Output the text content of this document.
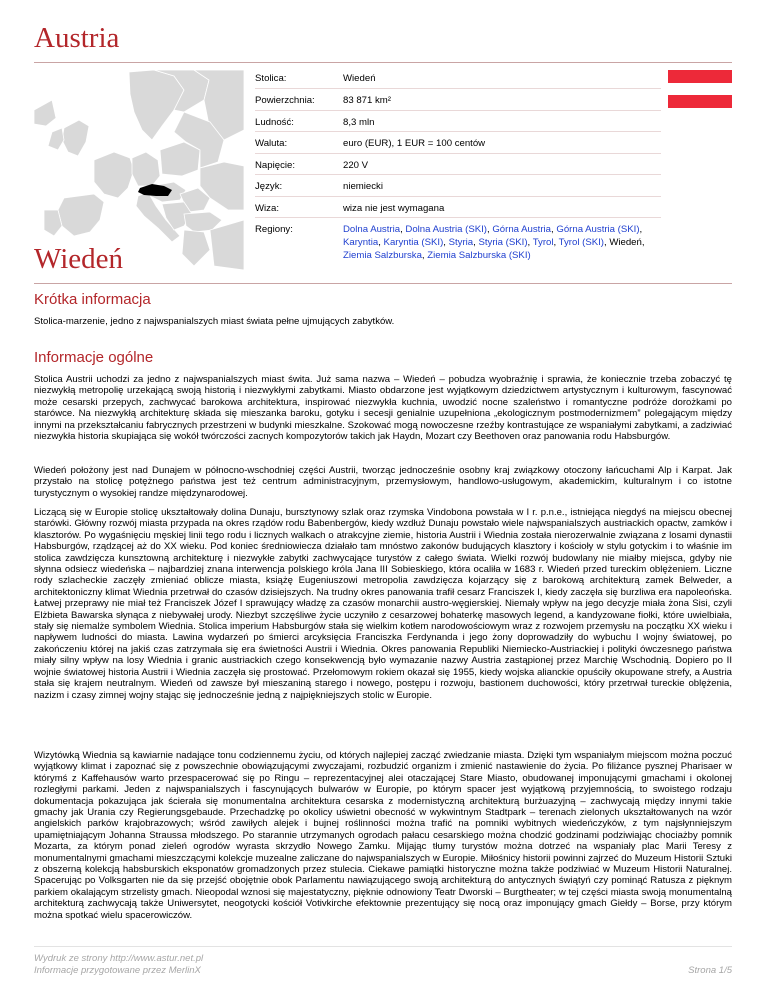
Austria
Stolica:	Wiedeń
Powierzchnia:	83 871 km²
Ludność:	8,3 mln
Waluta:	euro (EUR), 1 EUR = 100 centów
Napięcie:	220 V
Język:	niemiecki
Wiza:	wiza nie jest wymagana
Regiony:	Dolna Austria, Dolna Austria (SKI), Górna Austria, Górna Austria (SKI), Karyntia, Karyntia (SKI), Styria, Styria (SKI), Tyrol, Tyrol (SKI), Wiedeń, Ziemia Salzburska, Ziemia Salzburska (SKI)
Wiedeń
Krótka informacja

Stolica-marzenie, jedno z najwspanialszych miast świata pełne ujmujących zabytków.

Informacje ogólne

Stolica Austrii uchodzi za jedno z najwspanialszych miast świta. Już sama nazwa – Wiedeń – pobudza wyobraźnię i sprawia, że koniecznie trzeba zobaczyć tę niezwykłą metropolię urzekającą swoją historią i niezwykłymi zabytkami. Miasto obdarzone jest wyjątkowym dziedzictwem artystycznym i kulturowym, fascynować może cesarski przepych, zachwycać barokowa architektura, inspirować niezwykła kuchnia, uwodzić nocne szaleństwo i romantyczne podróże dorożkami po starówce. Na niezwykłą architekturę składa się mieszanka baroku, gotyku i secesji genialnie uzupełniona „ekologicznym postmodernizmem” polegającym między innymi na przekształcaniu fabrycznych przestrzeni w budynki mieszkalne. Szokować mogą nowoczesne rzeźby kontrastujące ze wspaniałymi zabytkami, a zadziwiać niezwykła historia skupiająca się wokół twórczości zacnych kompozytorów takich jak Haydn, Mozart czy Beethoven oraz panowania rodu Habsburgów.

Wiedeń położony jest nad Dunajem w północno-wschodniej części Austrii, tworząc jednocześnie osobny kraj związkowy otoczony łańcuchami Alp i Karpat. Jak przystało na stolicę potężnego państwa jest też centrum administracyjnym, przemysłowym, handlowo-usługowym, akademickim, kulturalnym i co istotne turystycznym o wysokiej randze międzynarodowej.

Liczącą się w Europie stolicę ukształtowały dolina Dunaju, bursztynowy szlak oraz rzymska Vindobona powstała w I r. p.n.e., istniejąca niegdyś na miejscu obecnej starówki. Główny rozwój miasta przypada na okres rządów rodu Babenbergów, kiedy wzdłuż Dunaju powstało wiele najwspanialszych austriackich opactw, zamków i klasztorów. Po wygaśnięciu męskiej linii tego rodu i licznych walkach o atrakcyjne ziemie, historia Austrii i Wiednia została nierozerwalnie związana z losami dynastii Habsburgów, rządzącej aż do XX wieku. Pod koniec średniowiecza działało tam mnóstwo zakonów budujących klasztory i kościoły w stylu gotyckim i to właśnie im stolica zawdzięcza kunsztowną architekturę i niezwykłe zabytki zachwycające turystów z całego świata. Wielki rozwój budowlany nie miałby miejsca, gdyby nie słynna odsiecz wiedeńska – najbardziej znana interwencja polskiego króla Jana III Sobieskiego, która ocaliła w 1683 r. Wiedeń przed tureckim oblężeniem. Liczne rody szlacheckie zaczęły zmieniać oblicze miasta, książę Eugeniuszowi metropolia zawdzięcza kojarzący się z barokową architekturą zamek Belweder, a architektoniczny klimat Wiednia przetrwał do czasów dzisiejszych. Na trudny okres panowania trafił cesarz Franciszek I, kiedy zaczęła się burzliwa era napoleońska. Łatwej przeprawy nie miał też Franciszek Józef I sprawujący władzę za czasów monarchii austro-węgierskiej. Niemały wpływ na jego decyzje miała żona Sisi, czyli Elżbieta Bawarska słynąca z niebywałej urody. Niezbyt szczęśliwe życie uczyniło z cesarzowej bohaterkę masowych legend, a kandyzowane fiołki, które uwielbiała, stały się niemalże symbolem Wiednia. Stolica imperium Habsburgów stała się wielkim kotłem narodowościowym wraz z rozwojem przemysłu na początku XX wieku i napływem ludności do miasta. Lawina wydarzeń po śmierci arcyksięcia Franciszka Ferdynanda i jego żony doprowadziły do wybuchu I wojny światowej, po zakończeniu której na jakiś czas zatrzymała się era świetności Austrii i Wiednia. Okres panowania Republiki Niemiecko-Austriackiej i polityki ówczesnego państwa miały silny wpływ na losy Wiednia i granic austriackich czego konsekwencją było wymazanie nazwy Austria zastąpionej przez Marchię Wschodnią. Dopiero po II wojnie światowej historia Austrii i Wiednia zaczęła się prostować. Przełomowym rokiem okazał się 1955, kiedy wojska alianckie opuściły okupowane strefy, a Austria stała się krajem neutralnym. Wiedeń od zawsze był mieszaniną starego i nowego, postępu i rozwoju, bastionem duchowości, który przetrwał tureckie oblężenia, nazizm i czasy zimnej wojny stając się jednocześnie jedną z najpiękniejszych stolic w Europie.

Wizytówką Wiednia są kawiarnie nadające tonu codziennemu życiu, od których najlepiej zacząć zwiedzanie miasta. Dzięki tym wspaniałym miejscom można poczuć wyjątkowy klimat i zapoznać się z powszechnie obowiązującymi zwyczajami, rozbudzić organizm i zmienić nastawienie do życia. Po filiżance pysznej Pharisaer w którymś z Kaffehausów warto przespacerować się po Ringu – reprezentacyjnej alei otaczającej Stare Miasto, obudowanej imponującymi gmachami i okolonej rozległymi parkami. Jeden z najwspanialszych i fascynujących bulwarów w Europie, po którym spacer jest wyjątkową przyjemnością, to swoistego rodzaju dokumentacja pokazująca jak ścierała się monumentalna architektura cesarska z modernistyczną architekturą burżuazyjną – zachwycają między innymi takie gmachy jak Urania czy Regierungsgebaude. Przechadzkę po okolicy uświetni obecność w wykwintnym Stadtpark – terenach zielonych ukształtowanych na wzór angielskich parków krajobrazowych; wśród zawiłych alejek i bujnej roślinności można trafić na pomniki wybitnych wiedeńczyków, z tym najsłynniejszym upamiętniającym Johanna Straussa młodszego. Po starannie utrzymanych ogrodach pałacu cesarskiego można chodzić godzinami podziwiając chociażby pomnik Mozarta, za którym ponad zieleń ogrodów wyrasta skrzydło Nowego Zamku. Mijając tłumy turystów można dotrzeć na wspaniały plac Marii Teresy z monumentalnymi gmachami mieszczącymi kolekcje muzealne zaliczane do najwspanialszych w Europie. Miłośnicy historii powinni zajrzeć do Muzeum Historii Sztuki z obszerną kolekcją habsburskich eksponatów gromadzonych przez stulecia. Ciekawe pamiątki historyczne można także podziwiać w Muzeum Historii Naturalnej. Spacerując po Volksgarten nie da się przejść obojętnie obok Parlamentu nawiązującego swoją architekturą do antycznych świątyń czy pominąć Ratusza z pięknym parkiem okalającym strzelisty gmach. Nieopodal wznosi się majestatyczny, pięknie odnowiony Teatr Dworski – Burgtheater; w tej części miasta swoją monumentalną architekturą zachwycają także Uniwersytet, neogotycki kościół Votivkirche efektownie prezentujący się nocą oraz imponujący gmach Giełdy – Borse, przy którym można spotkać wielu spacerowiczów.

Wydruk ze strony http://www.astur.net.pl
Informacje przygotowane przez MerlinX	Strona 1/5
